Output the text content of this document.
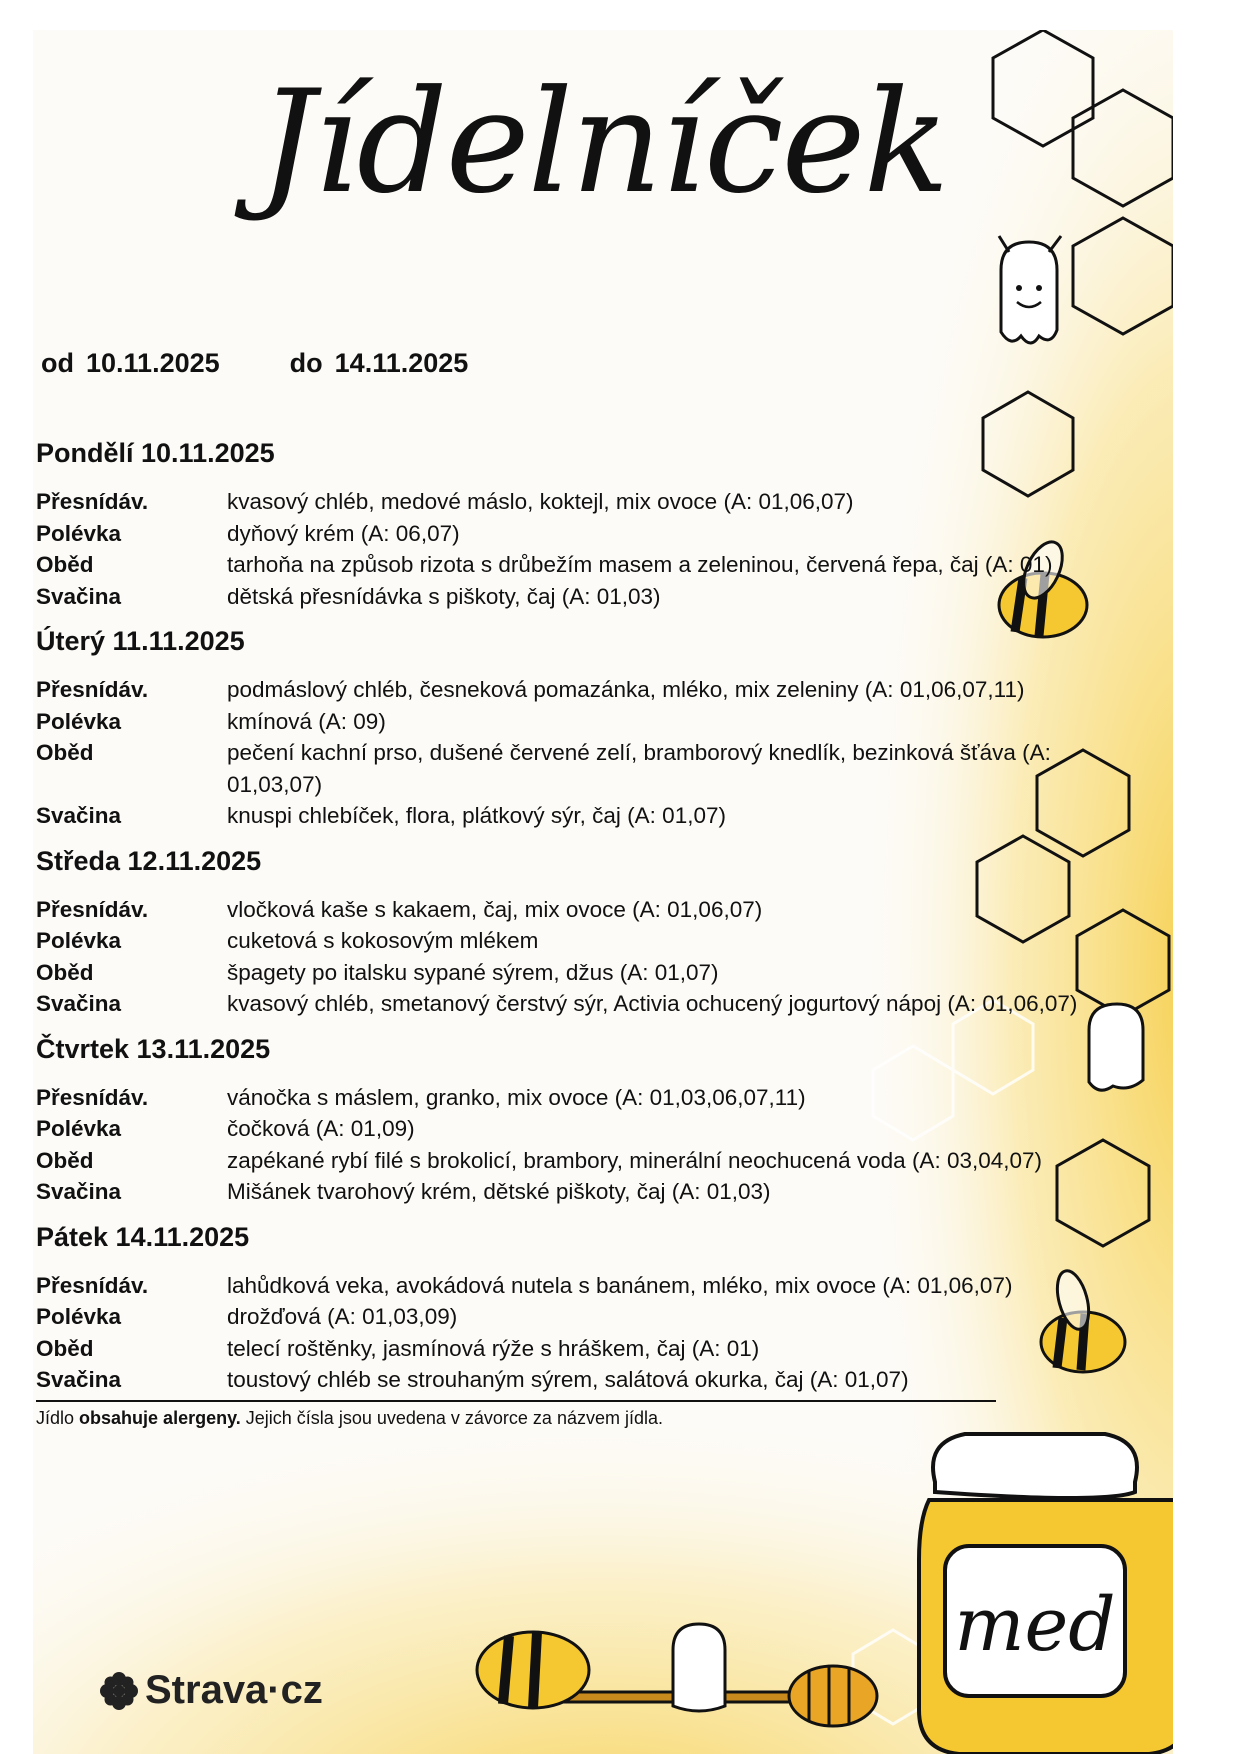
med
Jídelníček
od 10.11.2025	do 14.11.2025
Pondělí 10.11.2025
Přesnídáv.	kvasový chléb, medové máslo, koktejl, mix ovoce (A: 01,06,07)
Polévka	dyňový krém (A: 06,07)
Oběd	tarhoňa na způsob rizota s drůbežím masem a zeleninou, červená řepa, čaj (A: 01)
Svačina	dětská přesnídávka s piškoty, čaj (A: 01,03)
Úterý 11.11.2025
Přesnídáv.	podmáslový chléb, česneková pomazánka, mléko, mix zeleniny (A: 01,06,07,11)
Polévka	kmínová (A: 09)
Oběd	pečení kachní prso, dušené červené zelí, bramborový knedlík, bezinková šťáva (A: 01,03,07)
Svačina	knuspi chlebíček, flora, plátkový sýr, čaj (A: 01,07)
Středa 12.11.2025
Přesnídáv.	vločková kaše s kakaem, čaj, mix ovoce (A: 01,06,07)
Polévka	cuketová s kokosovým mlékem
Oběd	špagety po italsku sypané sýrem, džus (A: 01,07)
Svačina	kvasový chléb, smetanový čerstvý sýr, Activia ochucený jogurtový nápoj (A: 01,06,07)
Čtvrtek 13.11.2025
Přesnídáv.	vánočka s máslem, granko, mix ovoce (A: 01,03,06,07,11)
Polévka	čočková (A: 01,09)
Oběd	zapékané rybí filé s brokolicí, brambory, minerální neochucená voda (A: 03,04,07)
Svačina	Mišánek tvarohový krém, dětské piškoty, čaj (A: 01,03)
Pátek 14.11.2025
Přesnídáv.	lahůdková veka, avokádová nutela s banánem, mléko, mix ovoce (A: 01,06,07)
Polévka	drožďová (A: 01,03,09)
Oběd	telecí roštěnky, jasmínová rýže s hráškem, čaj (A: 01)
Svačina	toustový chléb se strouhaným sýrem, salátová okurka, čaj (A: 01,07)
Jídlo obsahuje alergeny. Jejich čísla jsou uvedena v závorce za názvem jídla.
Strava·cz
